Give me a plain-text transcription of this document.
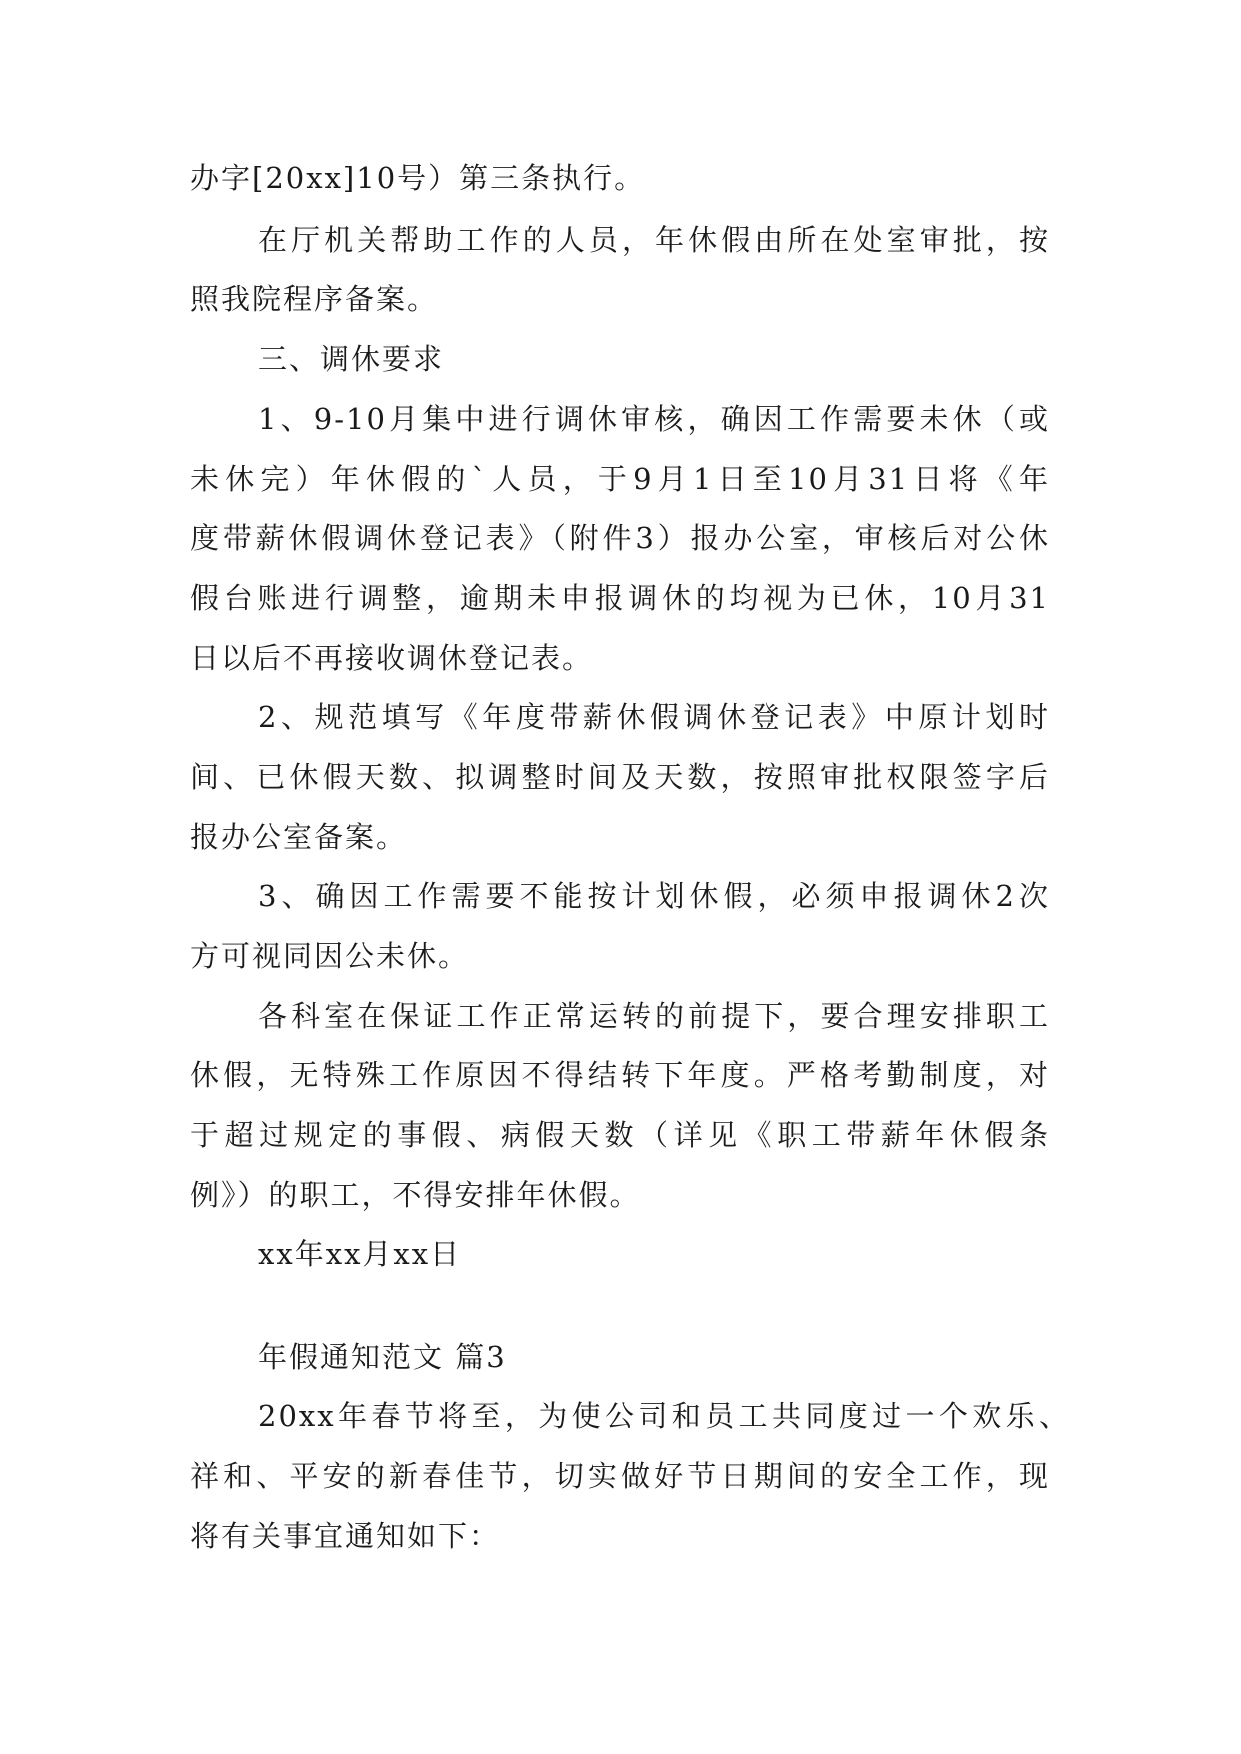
办字[20xx]10号）第三条执行。
在厅机关帮助工作的人员，年休假由所在处室审批，按
照我院程序备案。
三、调休要求
1、9-10月集中进行调休审核，确因工作需要未休（或
未休完）年休假的`人员，于9月1日至10月31日将《年
度带薪休假调休登记表》（附件3）报办公室，审核后对公休
假台账进行调整，逾期未申报调休的均视为已休，10月31
日以后不再接收调休登记表。
2、规范填写《年度带薪休假调休登记表》中原计划时
间、已休假天数、拟调整时间及天数，按照审批权限签字后
报办公室备案。
3、确因工作需要不能按计划休假，必须申报调休2次
方可视同因公未休。
各科室在保证工作正常运转的前提下，要合理安排职工
休假，无特殊工作原因不得结转下年度。严格考勤制度，对
于超过规定的事假、病假天数（详见《职工带薪年休假条
例》）的职工，不得安排年休假。
xx年xx月xx日
年假通知范文 篇3
20xx年春节将至，为使公司和员工共同度过一个欢乐、
祥和、平安的新春佳节，切实做好节日期间的安全工作，现
将有关事宜通知如下：
